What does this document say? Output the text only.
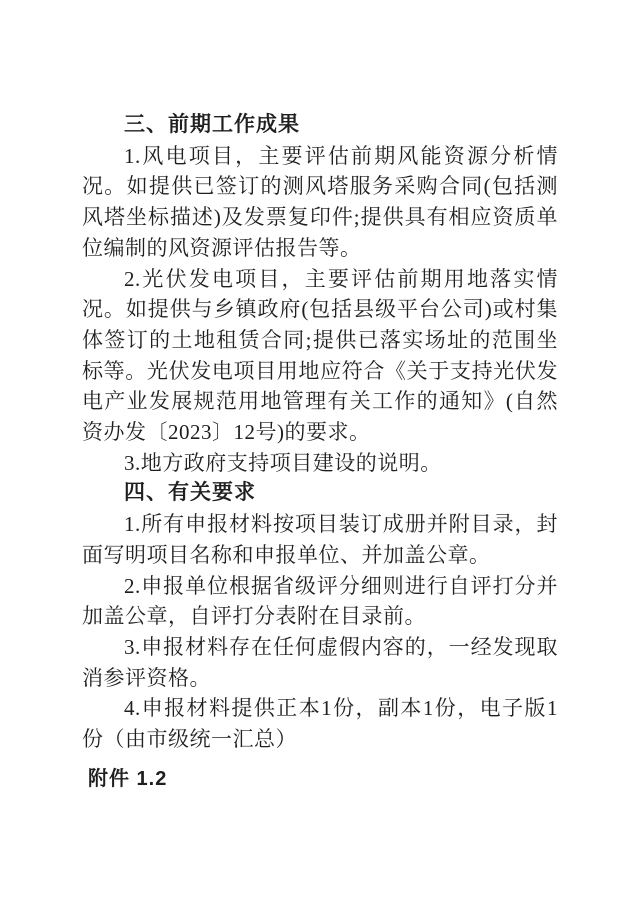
三、前期工作成果

1.风电项目，主要评估前期风能资源分析情况。如提供已签订的测风塔服务采购合同(包括测风塔坐标描述)及发票复印件;提供具有相应资质单位编制的风资源评估报告等。

2.光伏发电项目，主要评估前期用地落实情况。如提供与乡镇政府(包括县级平台公司)或村集体签订的土地租赁合同;提供已落实场址的范围坐标等。光伏发电项目用地应符合《关于支持光伏发电产业发展规范用地管理有关工作的通知》(自然资办发〔2023〕12号)的要求。

3.地方政府支持项目建设的说明。

四、有关要求

1.所有申报材料按项目装订成册并附目录，封面写明项目名称和申报单位、并加盖公章。

2.申报单位根据省级评分细则进行自评打分并加盖公章，自评打分表附在目录前。

3.申报材料存在任何虚假内容的，一经发现取消参评资格。

4.申报材料提供正本1份，副本1份，电子版1份（由市级统一汇总）

附件 1.2
